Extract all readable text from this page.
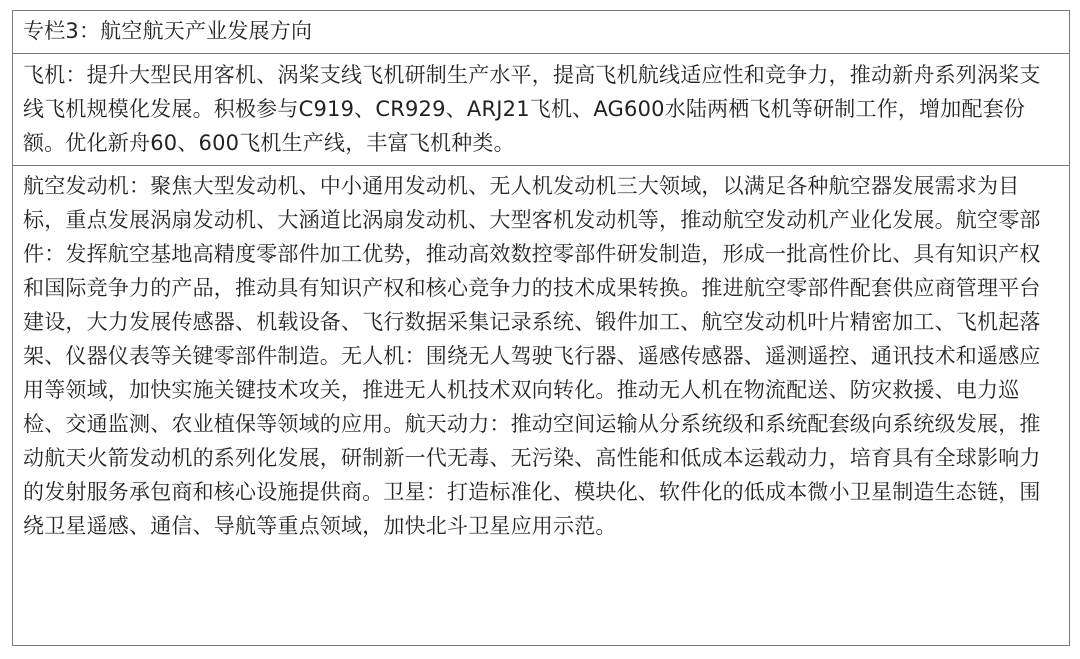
专栏3：航空航天产业发展方向
飞机：提升大型民用客机、涡桨支线飞机研制生产水平，提高飞机航线适应性和竞争力，推动新舟系列涡桨支线飞机规模化发展。积极参与C919、CR929、ARJ21飞机、AG600水陆两栖飞机等研制工作，增加配套份额。优化新舟60、600飞机生产线，丰富飞机种类。
航空发动机：聚焦大型发动机、中小通用发动机、无人机发动机三大领域，以满足各种航空器发展需求为目标，重点发展涡扇发动机、大涵道比涡扇发动机、大型客机发动机等，推动航空发动机产业化发展。航空零部件：发挥航空基地高精度零部件加工优势，推动高效数控零部件研发制造，形成一批高性价比、具有知识产权和国际竞争力的产品，推动具有知识产权和核心竞争力的技术成果转换。推进航空零部件配套供应商管理平台建设，大力发展传感器、机载设备、飞行数据采集记录系统、锻件加工、航空发动机叶片精密加工、飞机起落架、仪器仪表等关键零部件制造。无人机：围绕无人驾驶飞行器、遥感传感器、遥测遥控、通讯技术和遥感应用等领域，加快实施关键技术攻关，推进无人机技术双向转化。推动无人机在物流配送、防灾救援、电力巡检、交通监测、农业植保等领域的应用。航天动力：推动空间运输从分系统级和系统配套级向系统级发展，推动航天火箭发动机的系列化发展，研制新一代无毒、无污染、高性能和低成本运载动力，培育具有全球影响力的发射服务承包商和核心设施提供商。卫星：打造标准化、模块化、软件化的低成本微小卫星制造生态链，围绕卫星遥感、通信、导航等重点领域，加快北斗卫星应用示范。
